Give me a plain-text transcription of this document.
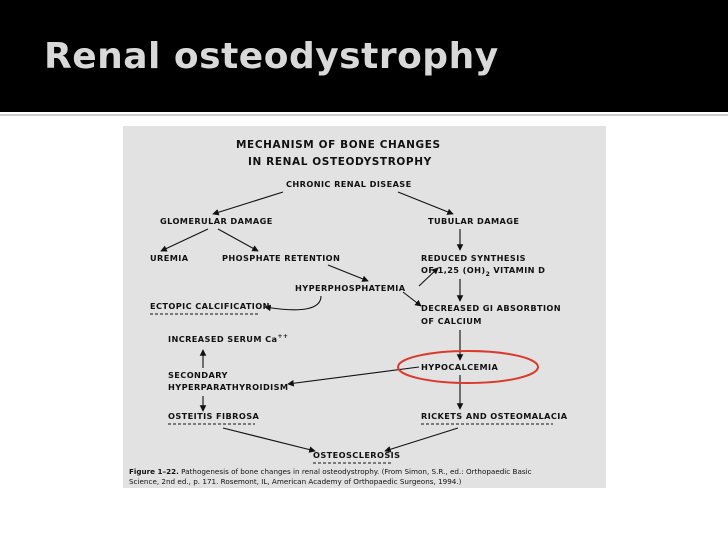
Renal osteodystrophy
MECHANISM OF BONE CHANGES
IN RENAL OSTEODYSTROPHY
CHRONIC RENAL DISEASE
GLOMERULAR DAMAGE	TUBULAR DAMAGE
UREMIA	PHOSPHATE RETENTION	REDUCED SYNTHESIS
OF 1,25 $(OH)_2$ VITAMIN D
HYPERPHOSPHATEMIA
ECTOPIC CALCIFICATION	DECREASED GI ABSORBTION
OF CALCIUM
INCREASED SERUM Ca++
HYPOCALCEMIA
SECONDARY
HYPERPARATHYROIDISM
OSTEITIS FIBROSA	RICKETS AND OSTEOMALACIA
OSTEOSCLEROSIS
Figure 1–22. Pathogenesis of bone changes in renal osteodystrophy. (From Simon, S.R., ed.: Orthopaedic Basic
Science, 2nd ed., p. 171. Rosemont, IL, American Academy of Orthopaedic Surgeons, 1994.)
